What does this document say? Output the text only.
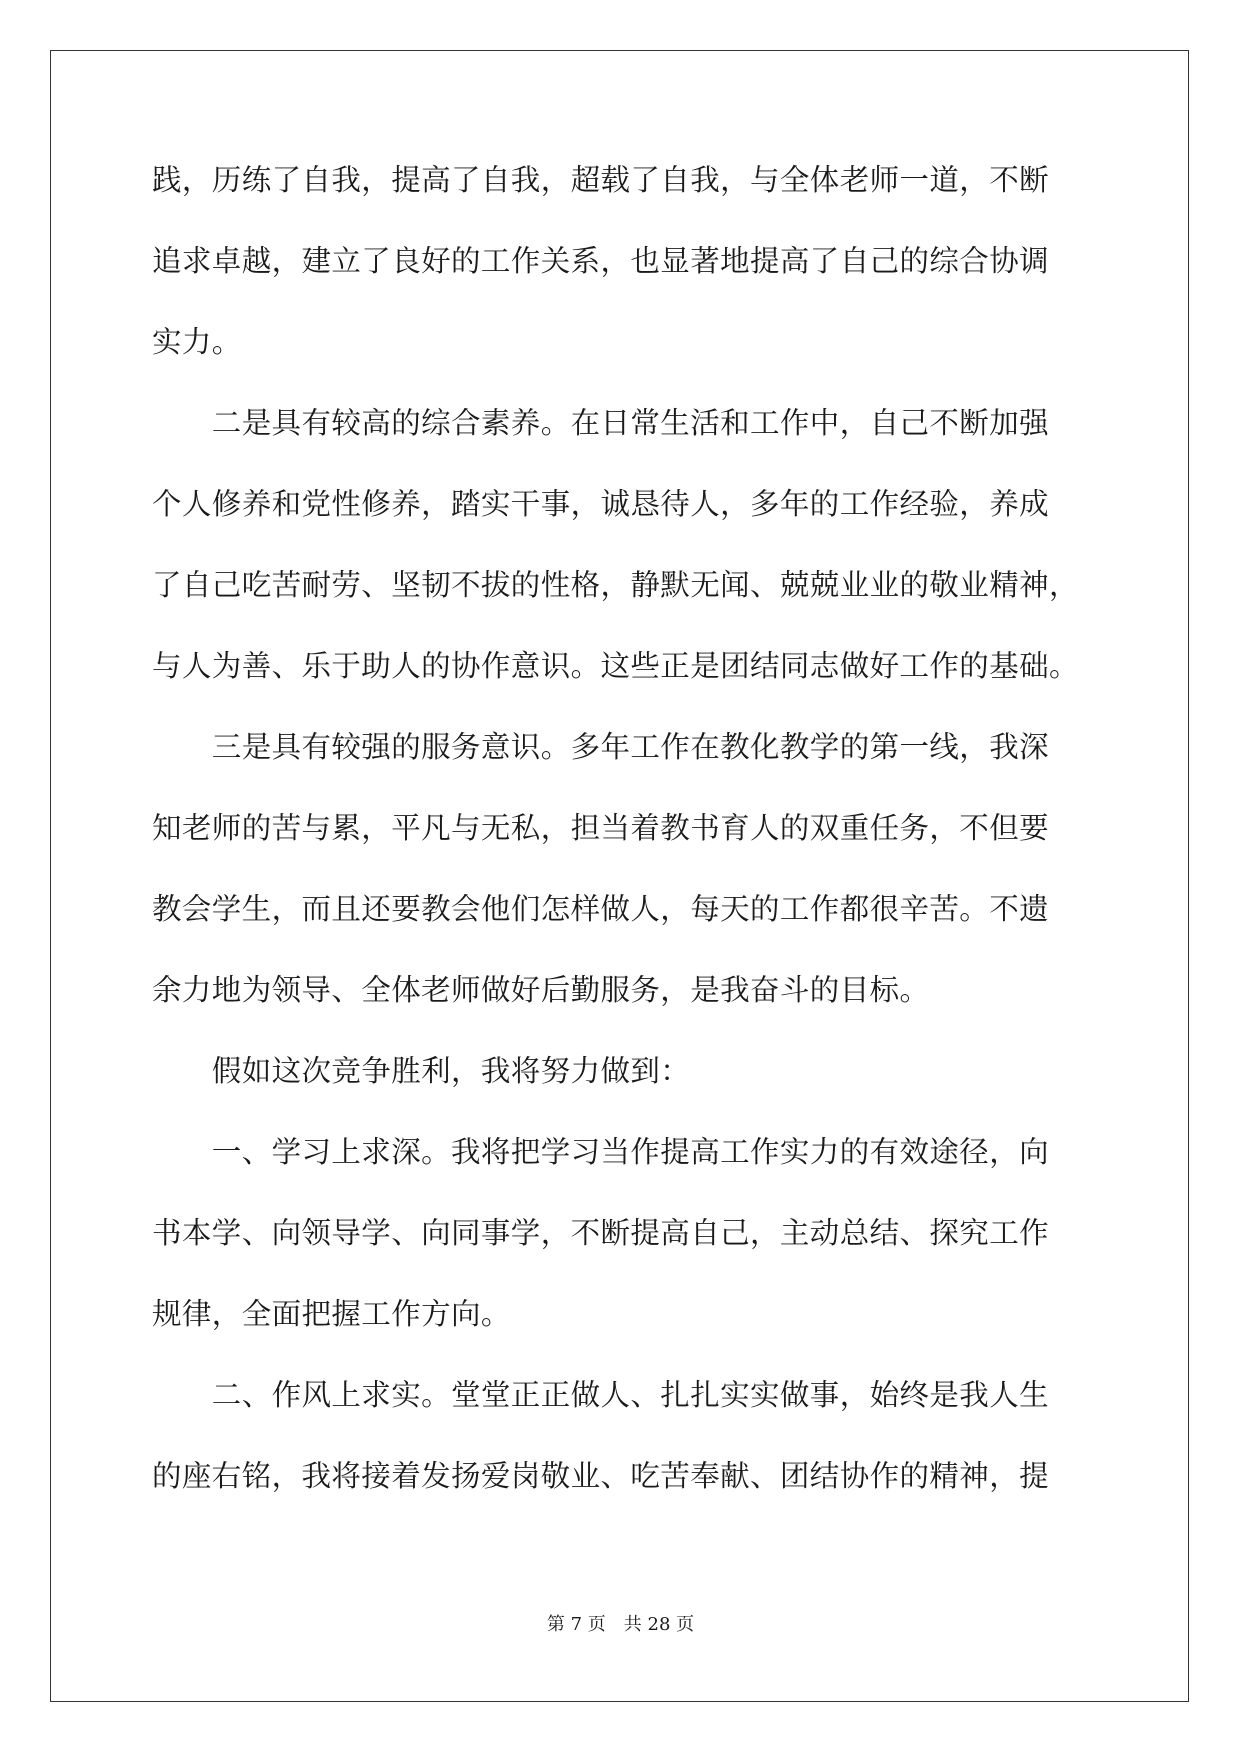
践，历练了自我，提高了自我，超载了自我，与全体老师一道，不断
追求卓越，建立了良好的工作关系，也显著地提高了自己的综合协调
实力。
　　二是具有较高的综合素养。在日常生活和工作中，自己不断加强
个人修养和党性修养，踏实干事，诚恳待人，多年的工作经验，养成
了自己吃苦耐劳、坚韧不拔的性格，静默无闻、兢兢业业的敬业精神，
与人为善、乐于助人的协作意识。这些正是团结同志做好工作的基础。
　　三是具有较强的服务意识。多年工作在教化教学的第一线，我深
知老师的苦与累，平凡与无私，担当着教书育人的双重任务，不但要
教会学生，而且还要教会他们怎样做人，每天的工作都很辛苦。不遗
余力地为领导、全体老师做好后勤服务，是我奋斗的目标。
　　假如这次竞争胜利，我将努力做到：
　　一、学习上求深。我将把学习当作提高工作实力的有效途径，向
书本学、向领导学、向同事学，不断提高自己，主动总结、探究工作
规律，全面把握工作方向。
　　二、作风上求实。堂堂正正做人、扎扎实实做事，始终是我人生
的座右铭，我将接着发扬爱岗敬业、吃苦奉献、团结协作的精神，提
第 7 页　共 28 页
